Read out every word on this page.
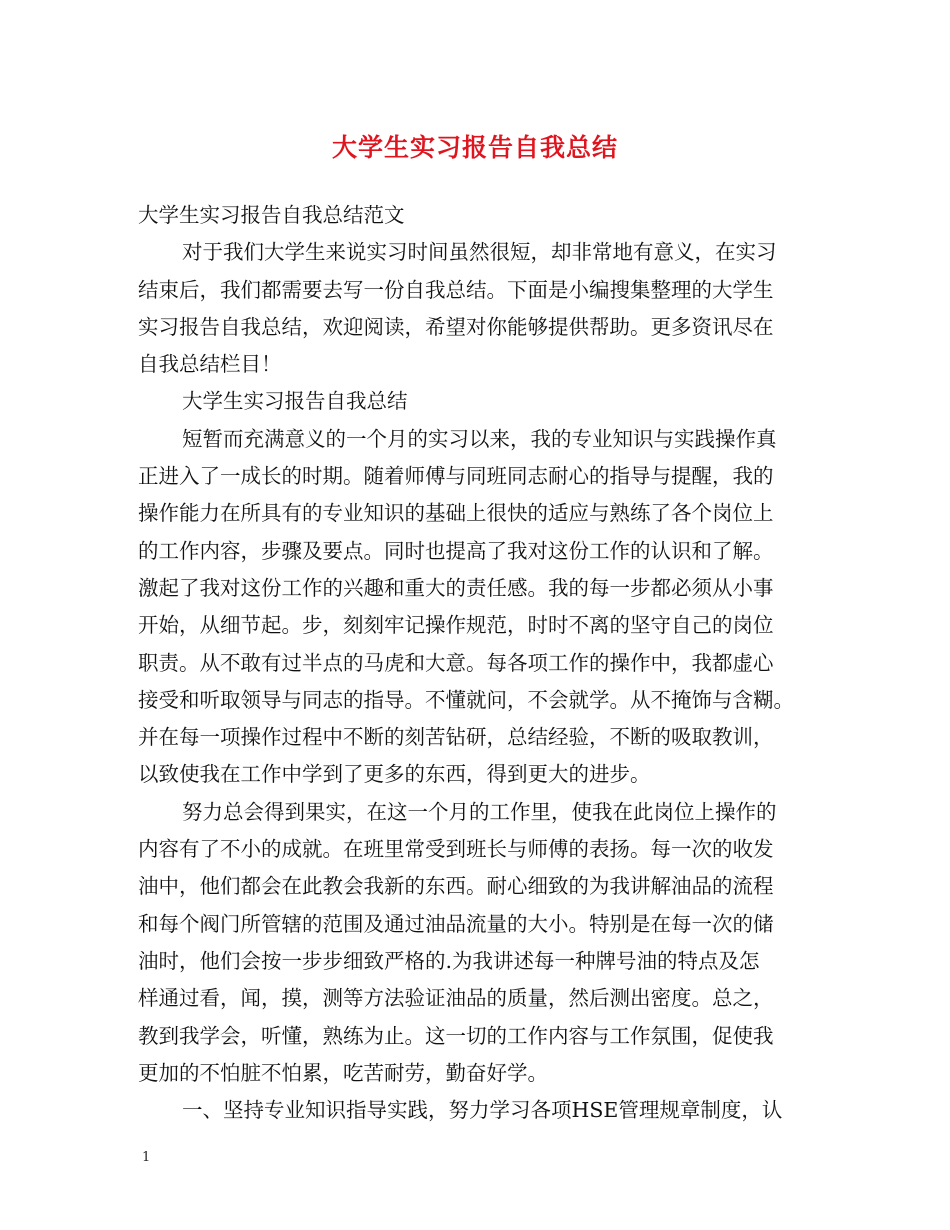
大学生实习报告自我总结
大学生实习报告自我总结范文
对于我们大学生来说实习时间虽然很短，却非常地有意义，在实习
结束后，我们都需要去写一份自我总结。下面是小编搜集整理的大学生
实习报告自我总结，欢迎阅读，希望对你能够提供帮助。更多资讯尽在
自我总结栏目！
大学生实习报告自我总结
短暂而充满意义的一个月的实习以来，我的专业知识与实践操作真
正进入了一成长的时期。随着师傅与同班同志耐心的指导与提醒，我的
操作能力在所具有的专业知识的基础上很快的适应与熟练了各个岗位上
的工作内容，步骤及要点。同时也提高了我对这份工作的认识和了解。
激起了我对这份工作的兴趣和重大的责任感。我的每一步都必须从小事
开始，从细节起。步，刻刻牢记操作规范，时时不离的坚守自己的岗位
职责。从不敢有过半点的马虎和大意。每各项工作的操作中，我都虚心
接受和听取领导与同志的指导。不懂就问，不会就学。从不掩饰与含糊。
并在每一项操作过程中不断的刻苦钻研，总结经验，不断的吸取教训，
以致使我在工作中学到了更多的东西，得到更大的进步。
努力总会得到果实，在这一个月的工作里，使我在此岗位上操作的
内容有了不小的成就。在班里常受到班长与师傅的表扬。每一次的收发
油中，他们都会在此教会我新的东西。耐心细致的为我讲解油品的流程
和每个阀门所管辖的范围及通过油品流量的大小。特别是在每一次的储
油时，他们会按一步步细致严格的.为我讲述每一种牌号油的特点及怎
样通过看，闻，摸，测等方法验证油品的质量，然后测出密度。总之，
教到我学会，听懂，熟练为止。这一切的工作内容与工作氛围，促使我
更加的不怕脏不怕累，吃苦耐劳，勤奋好学。
一、坚持专业知识指导实践，努力学习各项HSE管理规章制度，认
1
